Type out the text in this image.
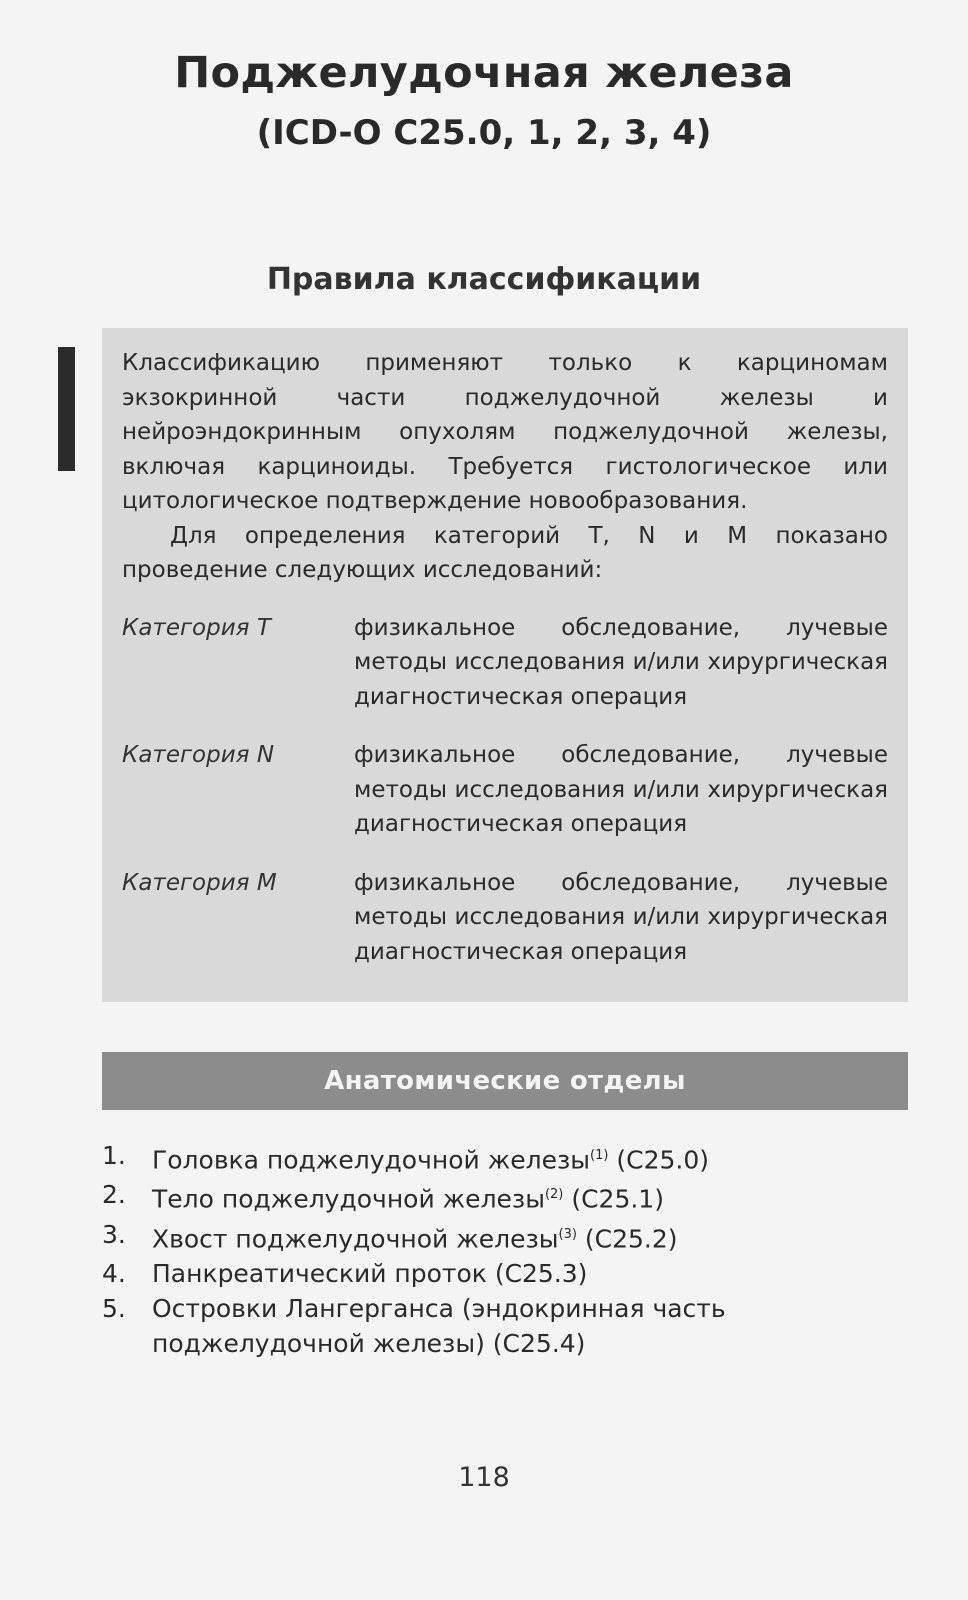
Поджелудочная железа
(ICD-O C25.0, 1, 2, 3, 4)
Правила классификации

Классификацию применяют только к карциномам экзокринной части поджелудочной железы и нейроэндокринным опухолям поджелудочной железы, включая карциноиды. Требуется гистологическое или цитологическое подтверждение новообразования.

Для определения категорий T, N и M показано проведение следующих исследований:

Категория T	физикальное обследование, лучевые методы исследования и/или хирургическая диагностическая операция
Категория N	физикальное обследование, лучевые методы исследования и/или хирургическая диагностическая операция
Категория M	физикальное обследование, лучевые методы исследования и/или хирургическая диагностическая операция
Анатомические отделы
1.	Головка поджелудочной железы$^{(1)}$ (C25.0)
2.	Тело поджелудочной железы$^{(2)}$ (C25.1)
3.	Хвост поджелудочной железы$^{(3)}$ (C25.2)
4.	Панкреатический проток (C25.3)
5.	Островки Лангерганса (эндокринная часть поджелудочной железы) (C25.4)
118
